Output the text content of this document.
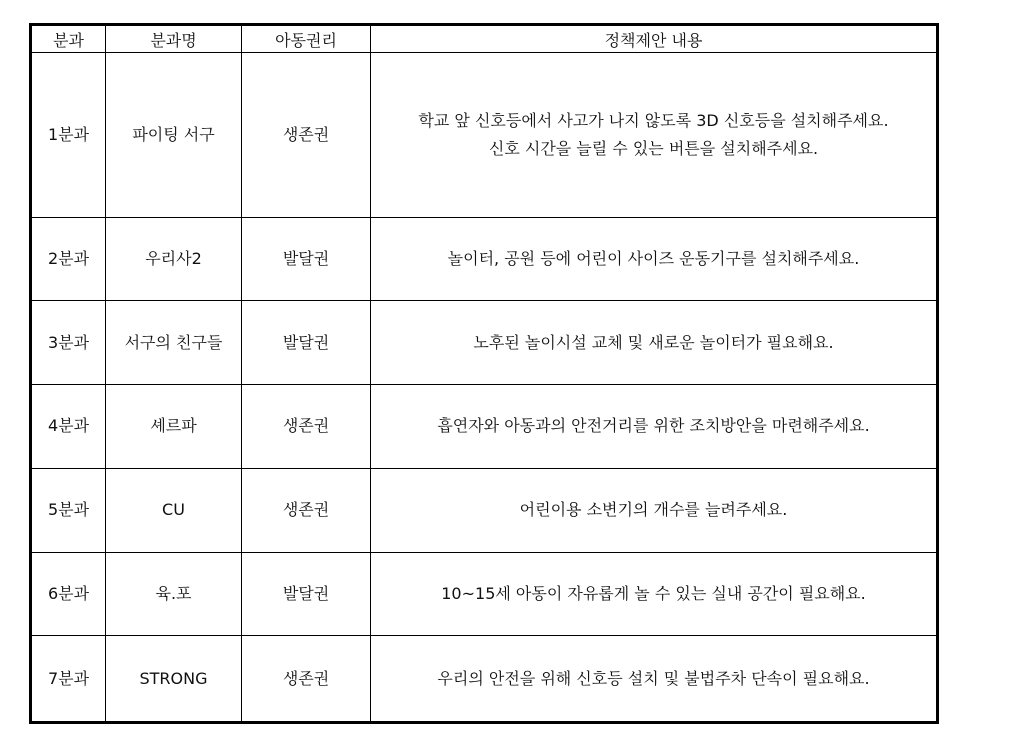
분과	분과명	아동권리	정책제안 내용
1분과	파이팅 서구	생존권	학교 앞 신호등에서 사고가 나지 않도록 3D 신호등을 설치해주세요.
신호 시간을 늘릴 수 있는 버튼을 설치해주세요.

2분과	우리사2	발달권	놀이터, 공원 등에 어린이 사이즈 운동기구를 설치해주세요.

3분과	서구의 친구들	발달권	노후된 놀이시설 교체 및 새로운 놀이터가 필요해요.

4분과	셰르파	생존권	흡연자와 아동과의 안전거리를 위한 조치방안을 마련해주세요.

5분과	CU	생존권	어린이용 소변기의 개수를 늘려주세요.

6분과	육.포	발달권	10~15세 아동이 자유롭게 놀 수 있는 실내 공간이 필요해요.

7분과	STRONG	생존권	우리의 안전을 위해 신호등 설치 및 불법주차 단속이 필요해요.
